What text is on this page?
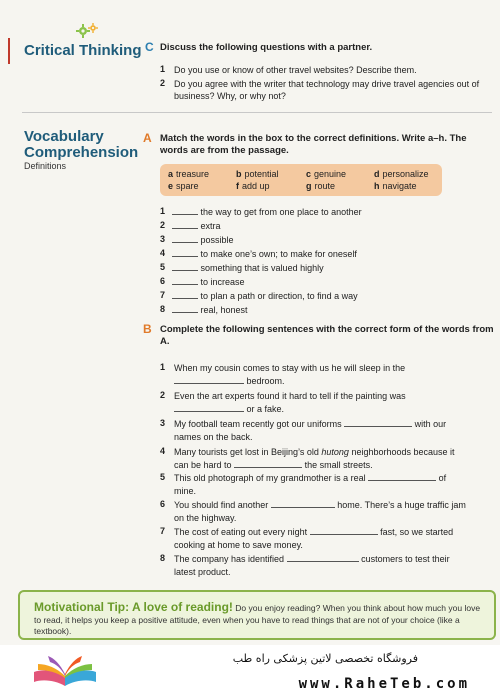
Critical Thinking C Discuss the following questions with a partner.
1 Do you use or know of other travel websites? Describe them.
2 Do you agree with the writer that technology may drive travel agencies out of business? Why, or why not?
Vocabulary
Comprehension
Definitions
A Match the words in the box to the correct definitions. Write a–h. The words are from the passage.
a treasure	b potential	c genuine	d personalize
e spare	f add up	g route	h navigate
1	the way to get from one place to another
2	extra
3	possible
4	to make one’s own; to make for oneself
5	something that is valued highly
6	to increase
7	to plan a path or direction, to find a way
8	real, honest
B Complete the following sentences with the correct form of the words from A.
1 When my cousin comes to stay with us he will sleep in the
bedroom.
2 Even the art experts found it hard to tell if the painting was
or a fake.
3 My football team recently got our uniforms	with our
names on the back.
4 Many tourists get lost in Beijing’s old hutong neighborhoods because it
can be hard to	the small streets.
5 This old photograph of my grandmother is a real	of
mine.
6 You should find another	home. There’s a huge traffic jam
on the highway.
7 The cost of eating out every night	fast, so we started
cooking at home to save money.
8 The company has identified	customers to test their
latest product.
Motivational Tip: A love of reading! Do you enjoy reading? When you think about how much you love to read, it helps you keep a positive attitude, even when you have to read things that are not of your choice (like a textbook).
فروشگاه تخصصی لاتین پزشکی راه طب
www.RaheTeb.com
